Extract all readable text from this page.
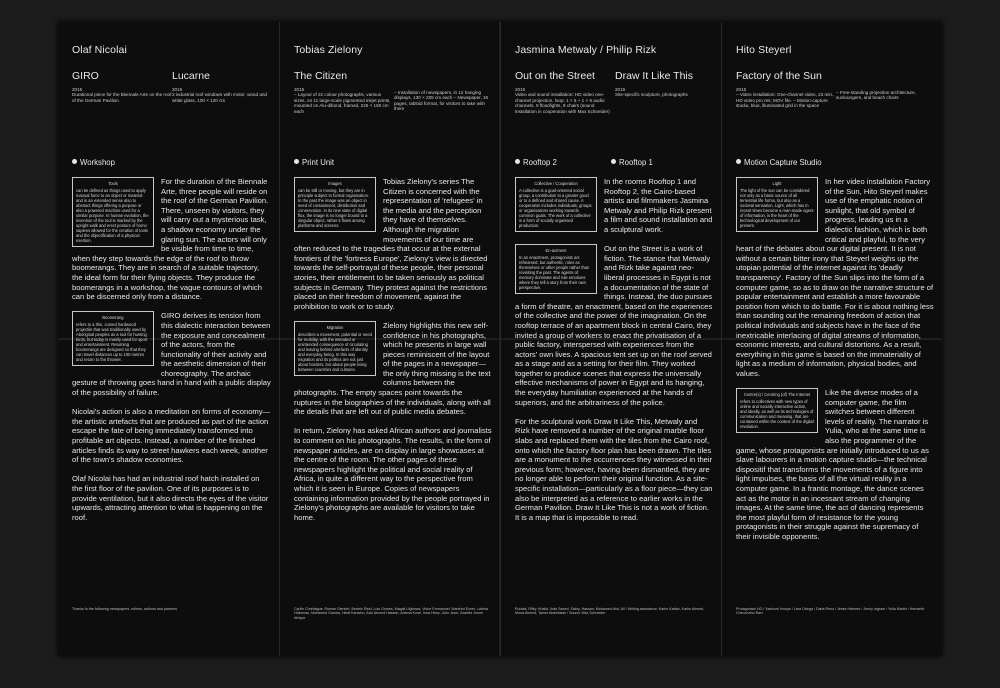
Olaf Nicolai
GIRO
2015
Durational piece for the Biennale Arte on the roof of the German Pavilion
Lucarne
2015
2 industrial roof windows with motor, wood and white glass, 100 × 120 cm
Workshop

Tools
can be defined as things used to apply manual force to an object or material and in an extended sense also to abstract things offering a purpose or also a powered machine used for a similar purpose. In human evolution, the invention of the tool is marked by the upright walk and erect posture of homo sapiens allowed for the creation of tools and the objectification of a physical exertion.
For the duration of the Biennale Arte, three people will reside on the roof of the German Pavilion. There, unseen by visitors, they will carry out a mysterious task, a shadow economy under the glaring sun. The actors will only be visible from time to time, when they step towards the edge of the roof to throw boomerangs. They are in search of a suitable trajectory, the ideal form for their flying objects. They produce the boomerangs in a workshop, the vague contours of which can be discerned only from a distance.

Boomerang
refers to a thin, curved hardwood projectile that was traditionally used by Aboriginal peoples as a tool for hunting birds, but today is mainly used for sport and entertainment. Returning boomerangs are designed so that they can travel distances up to 100 metres and return to the thrower.
GIRO derives its tension from this dialectic interaction between the exposure and concealment of the actors, from the functionality of their activity and the aesthetic dimension of their choreography. The archaic gesture of throwing goes hand in hand with a public display of the possibility of failure.

Nicolai's action is also a meditation on forms of economy—the artistic artefacts that are produced as part of the action escape the fate of being immediately transformed into profitable art objects. Instead, a number of the finished articles finds its way to street hawkers each week, another of the town's shadow economies.

Olaf Nicolai has had an industrial roof hatch installed on the first floor of the pavilion. One of its purposes is to provide ventilation, but it also directs the eyes of the visitor upwards, attracting attention to what is happening on the roof.

Thanks to the following newspapers, editors, authors and partners
Tobias Zielony
The Citizen
2015
– Layout of 22 colour photographs, various sizes, on 11 large-scale pigmented inkjet prints, mounted on Alu-dibond, framed, 225 × 160 cm each
– Installation of newspapers, in 12 hanging displays, 130 × 205 cm each – Newspaper, 16 pages, tabloid format, for visitors to take with them
Print Unit

Images
can be still or moving, but they are in principle subject to formal organisation. In the past the image was an object in need of containment, distribution and conservation. In its new state of digital flux, the image is no longer bound to a singular object, rather it flows among platforms and screens.
Tobias Zielony's series The Citizen is concerned with the representation of 'refugees' in the media and the perception they have of themselves. Although the migration movements of our time are often reduced to the tragedies that occur at the external frontiers of the 'fortress Europe', Zielony's view is directed towards the self-portrayal of these people, their personal stories, their entitlement to be taken seriously as political subjects in Germany. They protest against the restrictions placed on their freedom of movement, against the prohibition to work or to study.

Migration
describes a movement, potential or need for mobility, with the intended or unintended consequence of circulating and leaving behind artefacts of identity and everyday being. In this way migration and its politics are not just about borders, but about people living between countries and cultures.
Zielony highlights this new self-confidence in his photographs, which he presents in large wall pieces reminiscent of the layout of the pages in a newspaper—the only thing missing is the text columns between the photographs. The empty spaces point towards the ruptures in the biographies of the individuals, along with all the details that are left out of public media debates.

In return, Zielony has asked African authors and journalists to comment on his photographs. The results, in the form of newspaper articles, are on display in large showcases at the centre of the room. The other pages of these newspapers highlight the political and social reality of Africa, in quite a different way to the perspective from which it is seen in Europe. Copies of newspapers containing information provided by the people portrayed in Zielony's photographs are available for visitors to take home.

Cyrille Chrétiague, Roman Dienlert, Beatrix Eisel, Luis Gomes, Magali Ulgbowa, Victor Emmanuel, Manfred Exner, Latrina Holloman, Mohamed Gamba, Heidi Karacho, Aziz Ahmed Hassan, Adama Koné, Inna Heep, Julio Jean, Gazette Jeune Afrique
Jasmina Metwaly / Philip Rizk
Out on the Street
2015
Video and sound installation: HD video one-channel projection, loop; 1 × 6 + 1 × 6 audio channels, 9 floodlights, 8 chairs (sound installation in cooperation with Max Schneider)
Draw It Like This
2015
Site-specific sculpture, photographs
Rooftop 2	Rooftop 1

Collective / Cooperation
A collective is a goal-oriented social group, a contribution to a greater good or to a defined and shared cause. A cooperation includes individuals, groups or organisations working towards common goals. The work of a collective is a form of socially organised production.
In the rooms Rooftop 1 and Rooftop 2, the Cairo-based artists and filmmakers Jasmina Metwaly and Philip Rizk present a film and sound installation and a sculptural work.

En-actment
In an enactment, protagonists act rehearsed, but authentic, roles as themselves or other people rather than revisiting the past. The agents of memory dominate and rule emotions where they tell a story from their own perspective.
Out on the Street is a work of fiction. The stance that Metwaly and Rizk take against neo-liberal processes in Egypt is not a documentation of the state of things. Instead, the duo pursues a form of theatre, an enactment, based on the experiences of the collective and the power of the imagination. On the rooftop terrace of an apartment block in central Cairo, they invited a group of workers to enact the privatisation of a public factory, interspersed with experiences from the actors' own lives. A spacious tent set up on the roof served as a stage and as a setting for their film. They worked together to produce scenes that express the universally effective mechanisms of power in Egypt and its hanging, the everyday humiliation experienced at the hands of superiors, and the arbitrariness of the police.

For the sculptural work Draw It Like This, Metwaly and Rizk have removed a number of the original marble floor slabs and replaced them with the tiles from the Cairo roof, onto which the factory floor plan has been drawn. The tiles are a monument to the occurrences they witnessed in their previous form; however, having been dismantled, they are no longer able to perform their original function. As a site-specific installation—particularly as a floor piece—they can also be interpreted as a reference to earlier works in the German Pavilion. Draw It Like This is not a work of fiction. It is a map that is impossible to read.

Ruhaia, Rifky, Khalid, Ihab Saeed, Sabry, Hassan, Mohamed Abd, Ali / Writing assistance: Karim Kattan, Karim Ahmed, Mona Ahmed, Tamer Abdelfatah / Sound: Max Schneider
Hito Steyerl
Factory of the Sun
2015
– Video installation: One-channel video, 23 min., HD video pro res; MOV file. – Motion-capture studio, blue, illuminated grid in the space
– Free-standing projection architecture, sunloungers, and beach chairs
Motion Capture Studio

Light
The light of the sun can be considered not only as a basic source of all terrestrial life forms, but also as a societal sensation. Light, which has in recent times become a man-made agent of information, is the heart of the technological development of our present.
In her video installation Factory of the Sun, Hito Steyerl makes use of the emphatic notion of sunlight, that old symbol of progress, leading us in a dialectic fashion, which is both critical and playful, to the very heart of the debates about our digital present. It is not without a certain bitter irony that Steyerl weighs up the utopian potential of the internet against its 'deadly transparency'. Factory of the Sun slips into the form of a computer game, so as to draw on the narrative structure of popular entertainment and establish a more favourable position from which to do battle. For it is about nothing less than sounding out the remaining freedom of action that political individuals and subjects have in the face of the inextricable interlacing of digital streams of information, economic interests, and cultural distortions. As a result, everything in this game is based on the immateriality of light as a medium of information, physical bodies, and values.

Centre(s) / Centring (of) The Internet
refers to collectives with new types of online and socially interactive action, and ideally, as well as its technologies of communication and meaning, that are contained within the context of the digital revolution.
Like the diverse modes of a computer game, the film switches between different levels of reality. The narrator is Yulia, who at the same time is also the programmer of the game, whose protagonists are initially introduced to us as slave labourers in a motion capture studio—the technical dispositif that transforms the movements of a figure into light impulses, the basis of all the virtual reality in a computer game. In a frantic montage, the dance scenes act as the motor in an incessant stream of changing images. At the same time, the act of dancing represents the most playful form of resistance for the young protagonists in their struggle against the supremacy of their invisible opponents.

Protagonists HO / Yashumi Inouye / Lara Ortega / Darla Reno / Jesse Hanmer / Jenny Ingram / Yulia Martin / Hemanth Cheruvuthu Ravi
